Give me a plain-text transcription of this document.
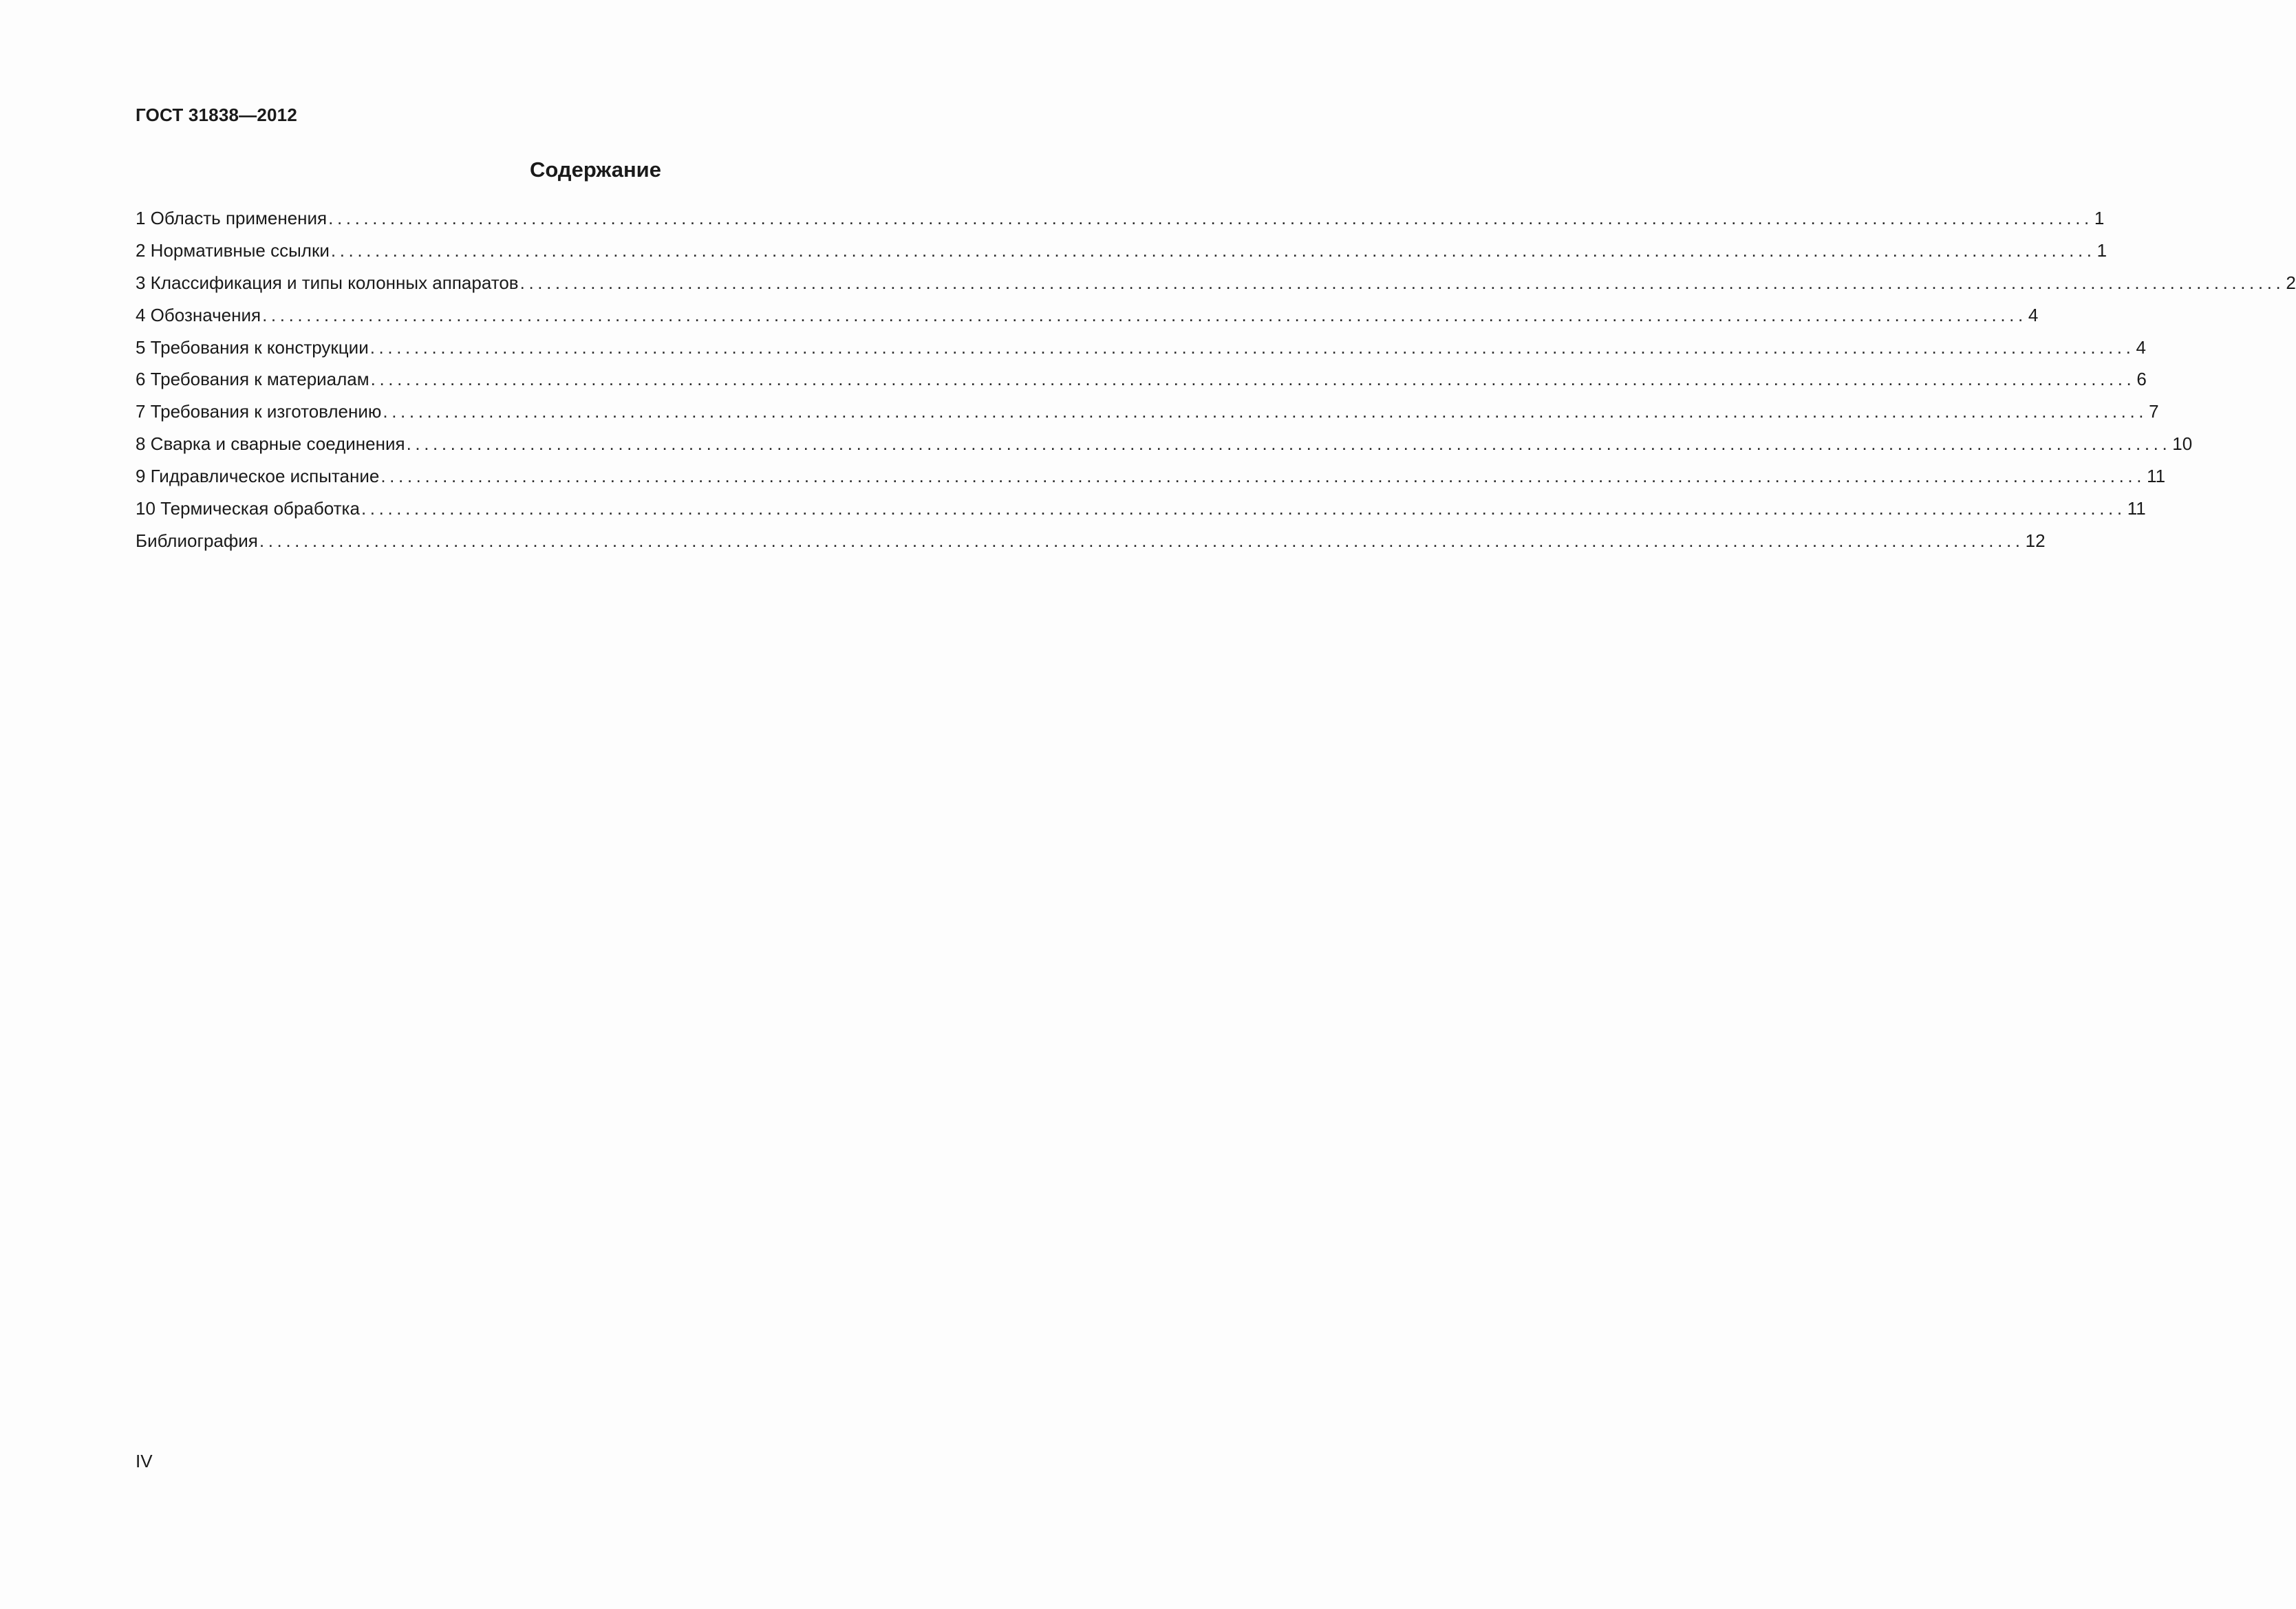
ГОСТ 31838—2012
Содержание
1 Область применения ........................................................................................................................................................................................................ 1
2 Нормативные ссылки ........................................................................................................................................................................................................ 1
3 Классификация и типы колонных аппаратов ........................................................................................................................................................................................................ 2
4 Обозначения ........................................................................................................................................................................................................ 4
5 Требования к конструкции ........................................................................................................................................................................................................ 4
6 Требования к материалам ........................................................................................................................................................................................................ 6
7 Требования к изготовлению ........................................................................................................................................................................................................ 7
8 Сварка и сварные соединения ........................................................................................................................................................................................................ 10
9 Гидравлическое испытание ........................................................................................................................................................................................................ 11
10 Термическая обработка ........................................................................................................................................................................................................ 11
Библиография ........................................................................................................................................................................................................ 12
IV
